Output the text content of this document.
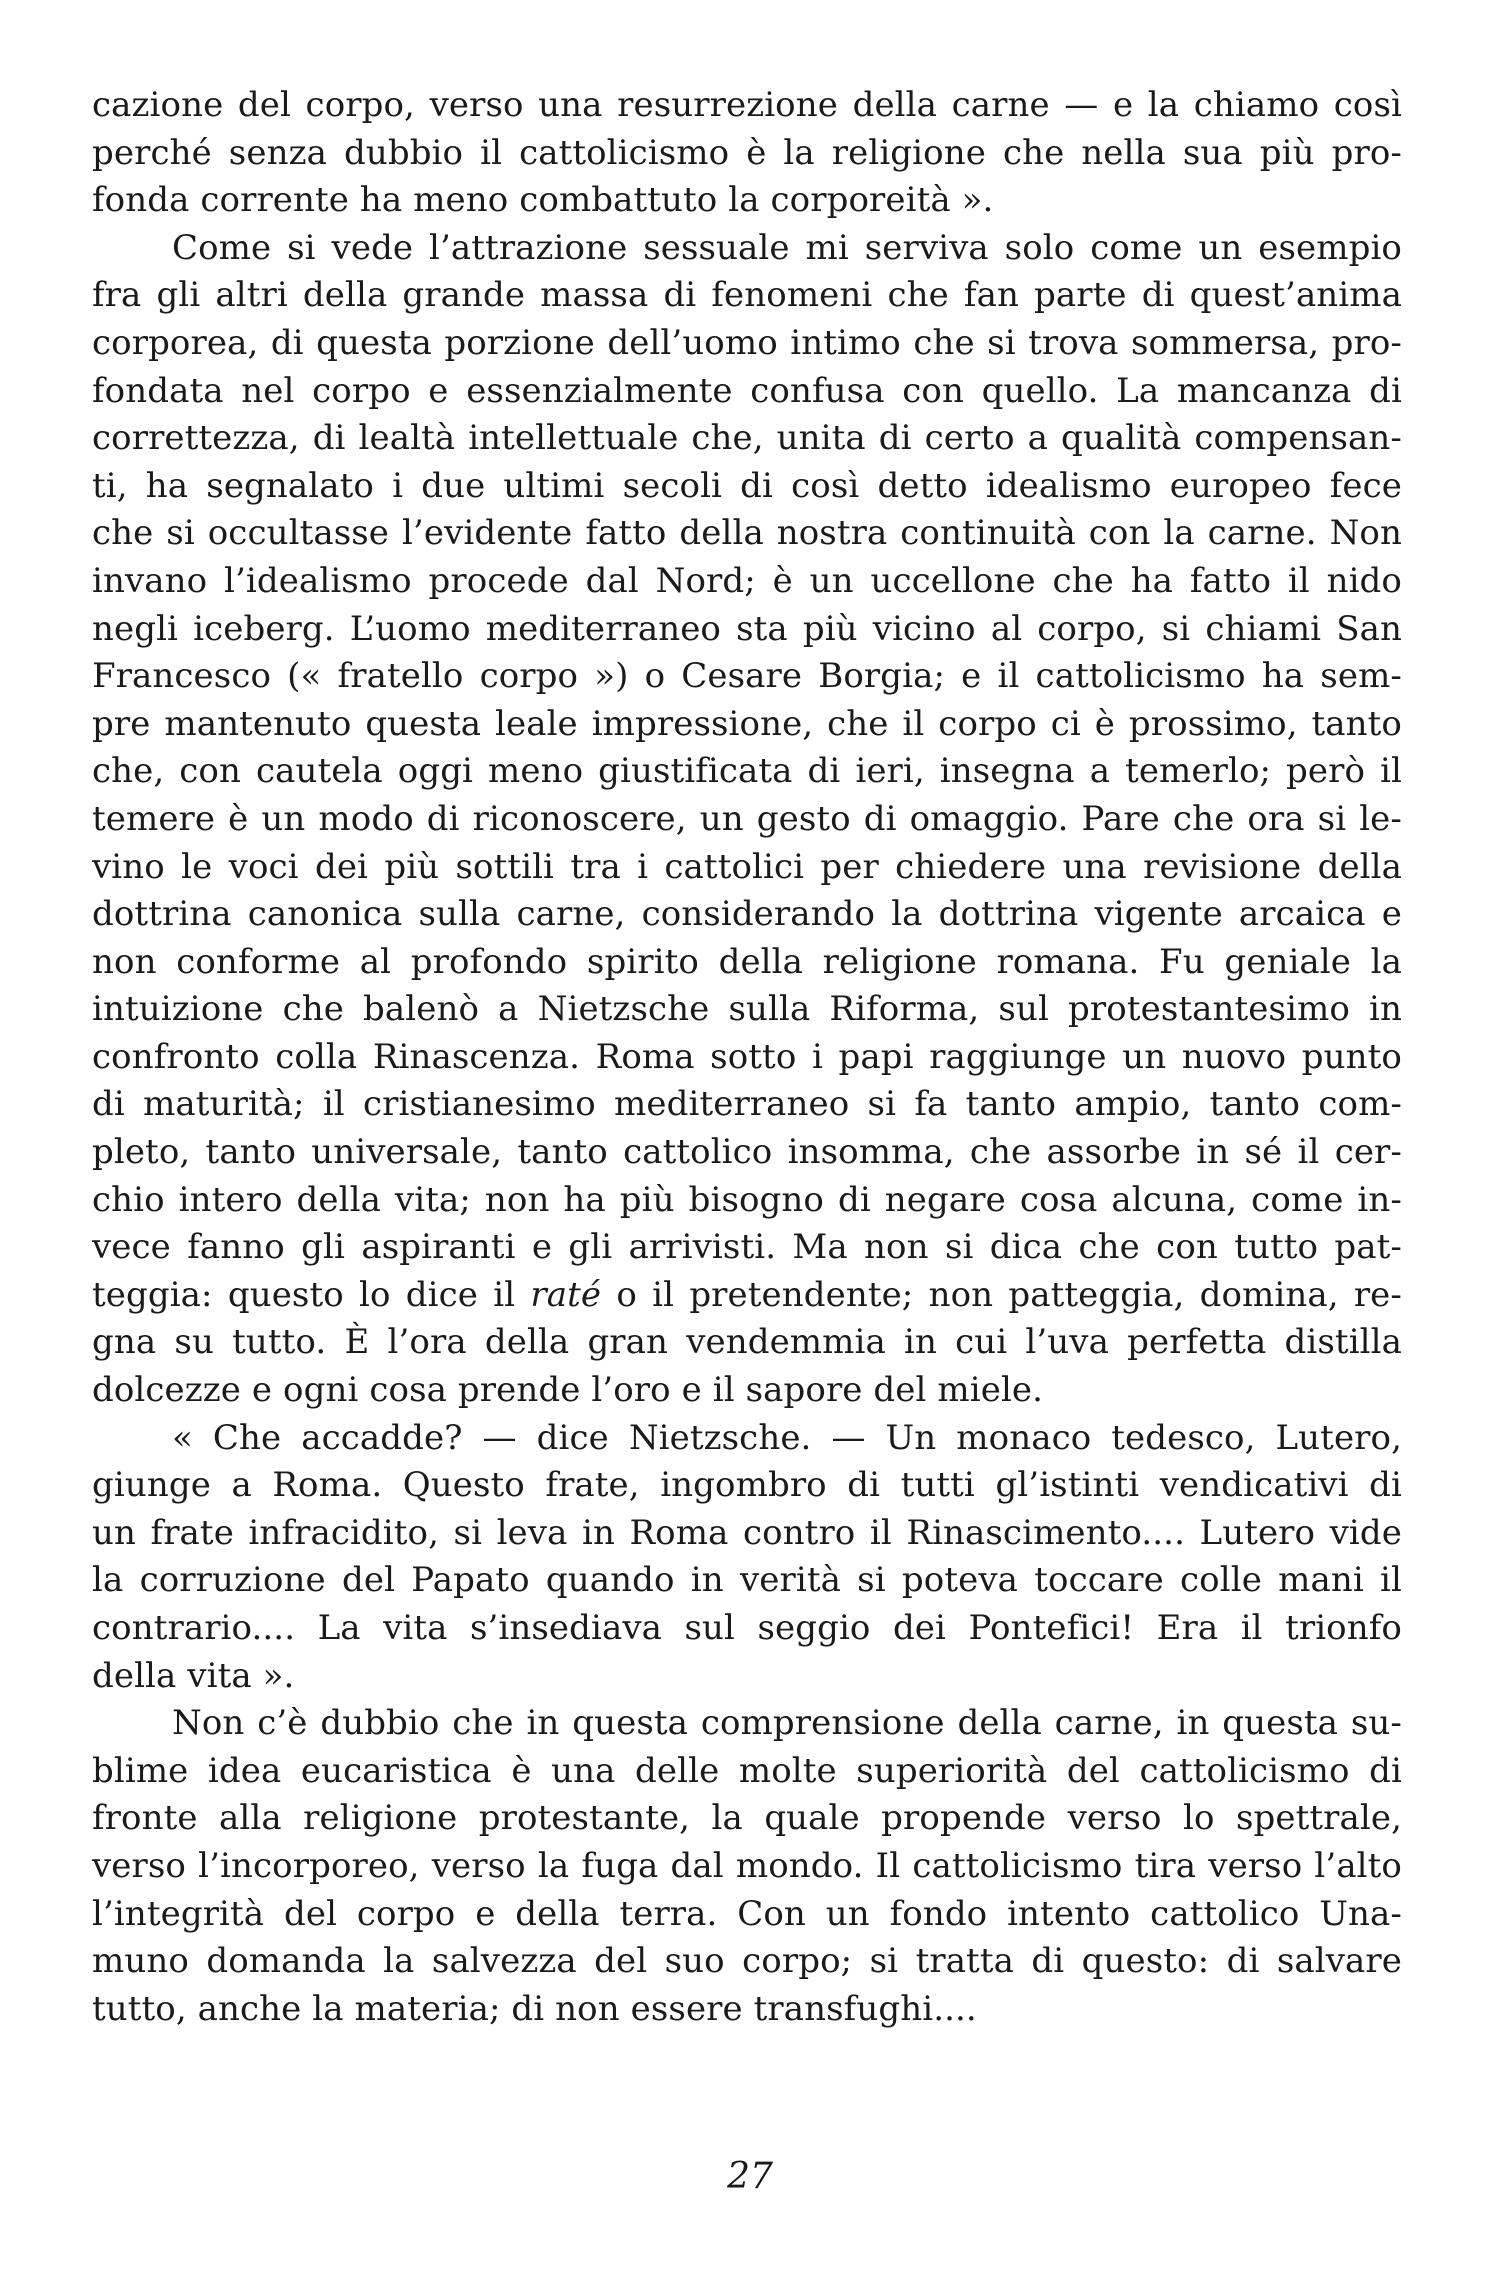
cazione del corpo, verso una resurrezione della carne — e la chiamo così
perché senza dubbio il cattolicismo è la religione che nella sua più pro-
fonda corrente ha meno combattuto la corporeità ».
Come si vede l’attrazione sessuale mi serviva solo come un esempio
fra gli altri della grande massa di fenomeni che fan parte di quest’anima
corporea, di questa porzione dell’uomo intimo che si trova sommersa, pro-
fondata nel corpo e essenzialmente confusa con quello. La mancanza di
correttezza, di lealtà intellettuale che, unita di certo a qualità compensan-
ti, ha segnalato i due ultimi secoli di così detto idealismo europeo fece
che si occultasse l’evidente fatto della nostra continuità con la carne. Non
invano l’idealismo procede dal Nord; è un uccellone che ha fatto il nido
negli iceberg. L’uomo mediterraneo sta più vicino al corpo, si chiami San
Francesco (« fratello corpo ») o Cesare Borgia; e il cattolicismo ha sem-
pre mantenuto questa leale impressione, che il corpo ci è prossimo, tanto
che, con cautela oggi meno giustificata di ieri, insegna a temerlo; però il
temere è un modo di riconoscere, un gesto di omaggio. Pare che ora si le-
vino le voci dei più sottili tra i cattolici per chiedere una revisione della
dottrina canonica sulla carne, considerando la dottrina vigente arcaica e
non conforme al profondo spirito della religione romana. Fu geniale la
intuizione che balenò a Nietzsche sulla Riforma, sul protestantesimo in
confronto colla Rinascenza. Roma sotto i papi raggiunge un nuovo punto
di maturità; il cristianesimo mediterraneo si fa tanto ampio, tanto com-
pleto, tanto universale, tanto cattolico insomma, che assorbe in sé il cer-
chio intero della vita; non ha più bisogno di negare cosa alcuna, come in-
vece fanno gli aspiranti e gli arrivisti. Ma non si dica che con tutto pat-
teggia: questo lo dice il raté o il pretendente; non patteggia, domina, re-
gna su tutto. È l’ora della gran vendemmia in cui l’uva perfetta distilla
dolcezze e ogni cosa prende l’oro e il sapore del miele.
« Che accadde? — dice Nietzsche. — Un monaco tedesco, Lutero,
giunge a Roma. Questo frate, ingombro di tutti gl’istinti vendicativi di
un frate infracidito, si leva in Roma contro il Rinascimento.... Lutero vide
la corruzione del Papato quando in verità si poteva toccare colle mani il
contrario.... La vita s’insediava sul seggio dei Pontefici! Era il trionfo
della vita ».
Non c’è dubbio che in questa comprensione della carne, in questa su-
blime idea eucaristica è una delle molte superiorità del cattolicismo di
fronte alla religione protestante, la quale propende verso lo spettrale,
verso l’incorporeo, verso la fuga dal mondo. Il cattolicismo tira verso l’alto
l’integrità del corpo e della terra. Con un fondo intento cattolico Una-
muno domanda la salvezza del suo corpo; si tratta di questo: di salvare
tutto, anche la materia; di non essere transfughi....
27
